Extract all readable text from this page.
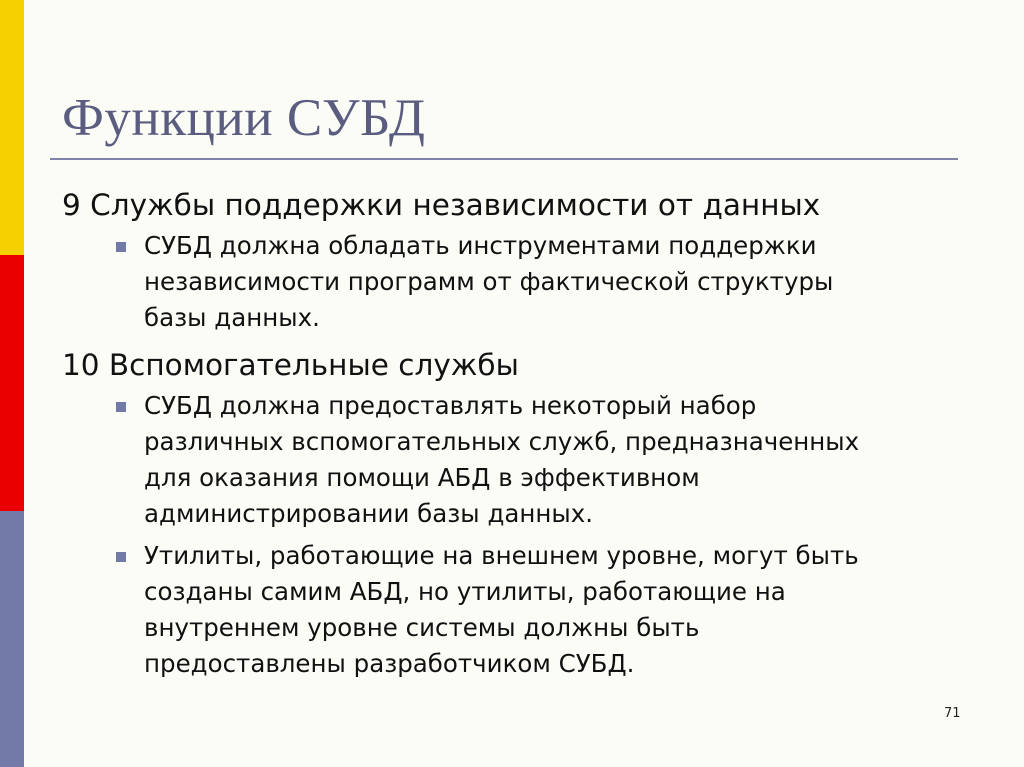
Функции СУБД

9 Службы поддержки независимости от данных

СУБД должна обладать инструментами поддержки
независимости программ от фактической структуры
базы данных.

10 Вспомогательные службы

СУБД должна предоставлять некоторый набор
различных вспомогательных служб, предназначенных
для оказания помощи АБД в эффективном
администрировании базы данных.
Утилиты, работающие на внешнем уровне, могут быть
созданы самим АБД, но утилиты, работающие на
внутреннем уровне системы должны быть
предоставлены разработчиком СУБД.
71
